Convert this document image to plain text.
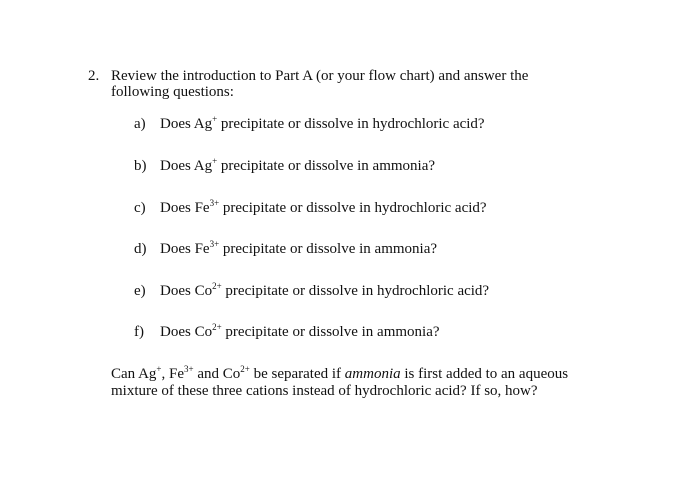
2. Review the introduction to Part A (or your flow chart) and answer the
following questions:
a) Does Ag+ precipitate or dissolve in hydrochloric acid?
b) Does Ag+ precipitate or dissolve in ammonia?
c) Does $Fe^{3+}$ precipitate or dissolve in hydrochloric acid?
d) Does $Fe^{3+}$ precipitate or dissolve in ammonia?
e) Does $Co^{2+}$ precipitate or dissolve in hydrochloric acid?
f) Does $Co^{2+}$ precipitate or dissolve in ammonia?
Can Ag+, $Fe^{3+}$ and $Co^{2+}$ be separated if ammonia is first added to an aqueous
mixture of these three cations instead of hydrochloric acid? If so, how?
